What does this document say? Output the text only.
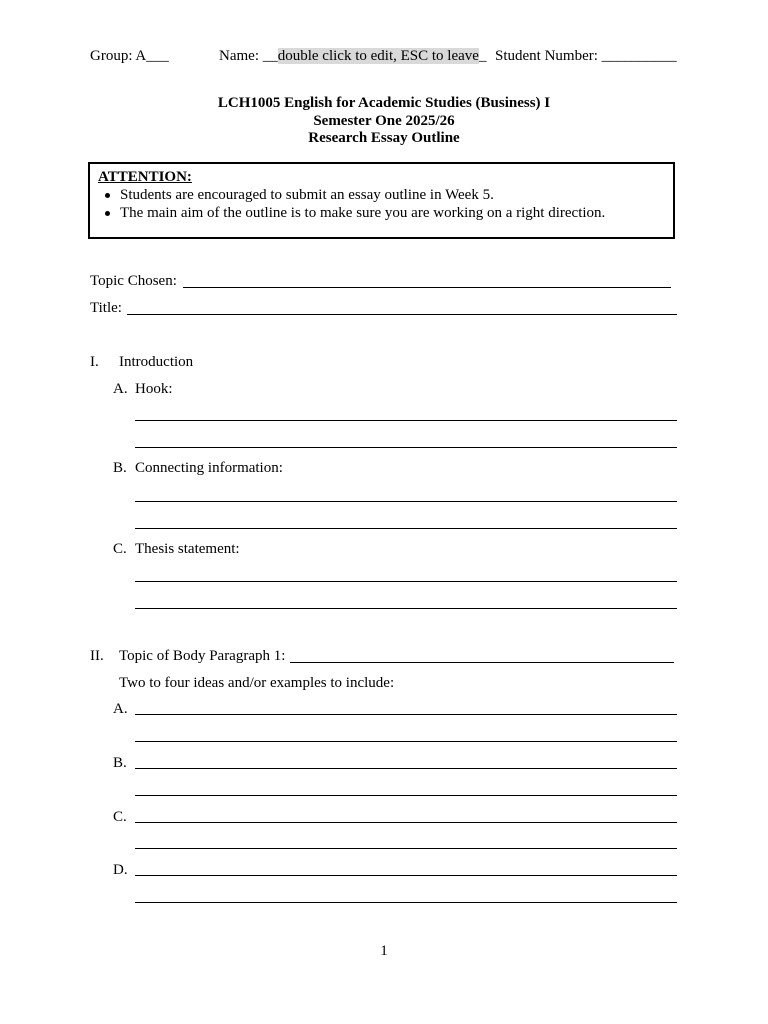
Group: A___	Name: __double click to edit, ESC to leave_ Student Number: __________
LCH1005 English for Academic Studies (Business) I
Semester One 2025/26
Research Essay Outline
ATTENTION:
Students are encouraged to submit an essay outline in Week 5.
The main aim of the outline is to make sure you are working on a right direction.
Topic Chosen:
Title:
I. Introduction
A. Hook:
B. Connecting information:
C. Thesis statement:
II. Topic of Body Paragraph 1:
Two to four ideas and/or examples to include:
A.
B.
C.
D.
1
